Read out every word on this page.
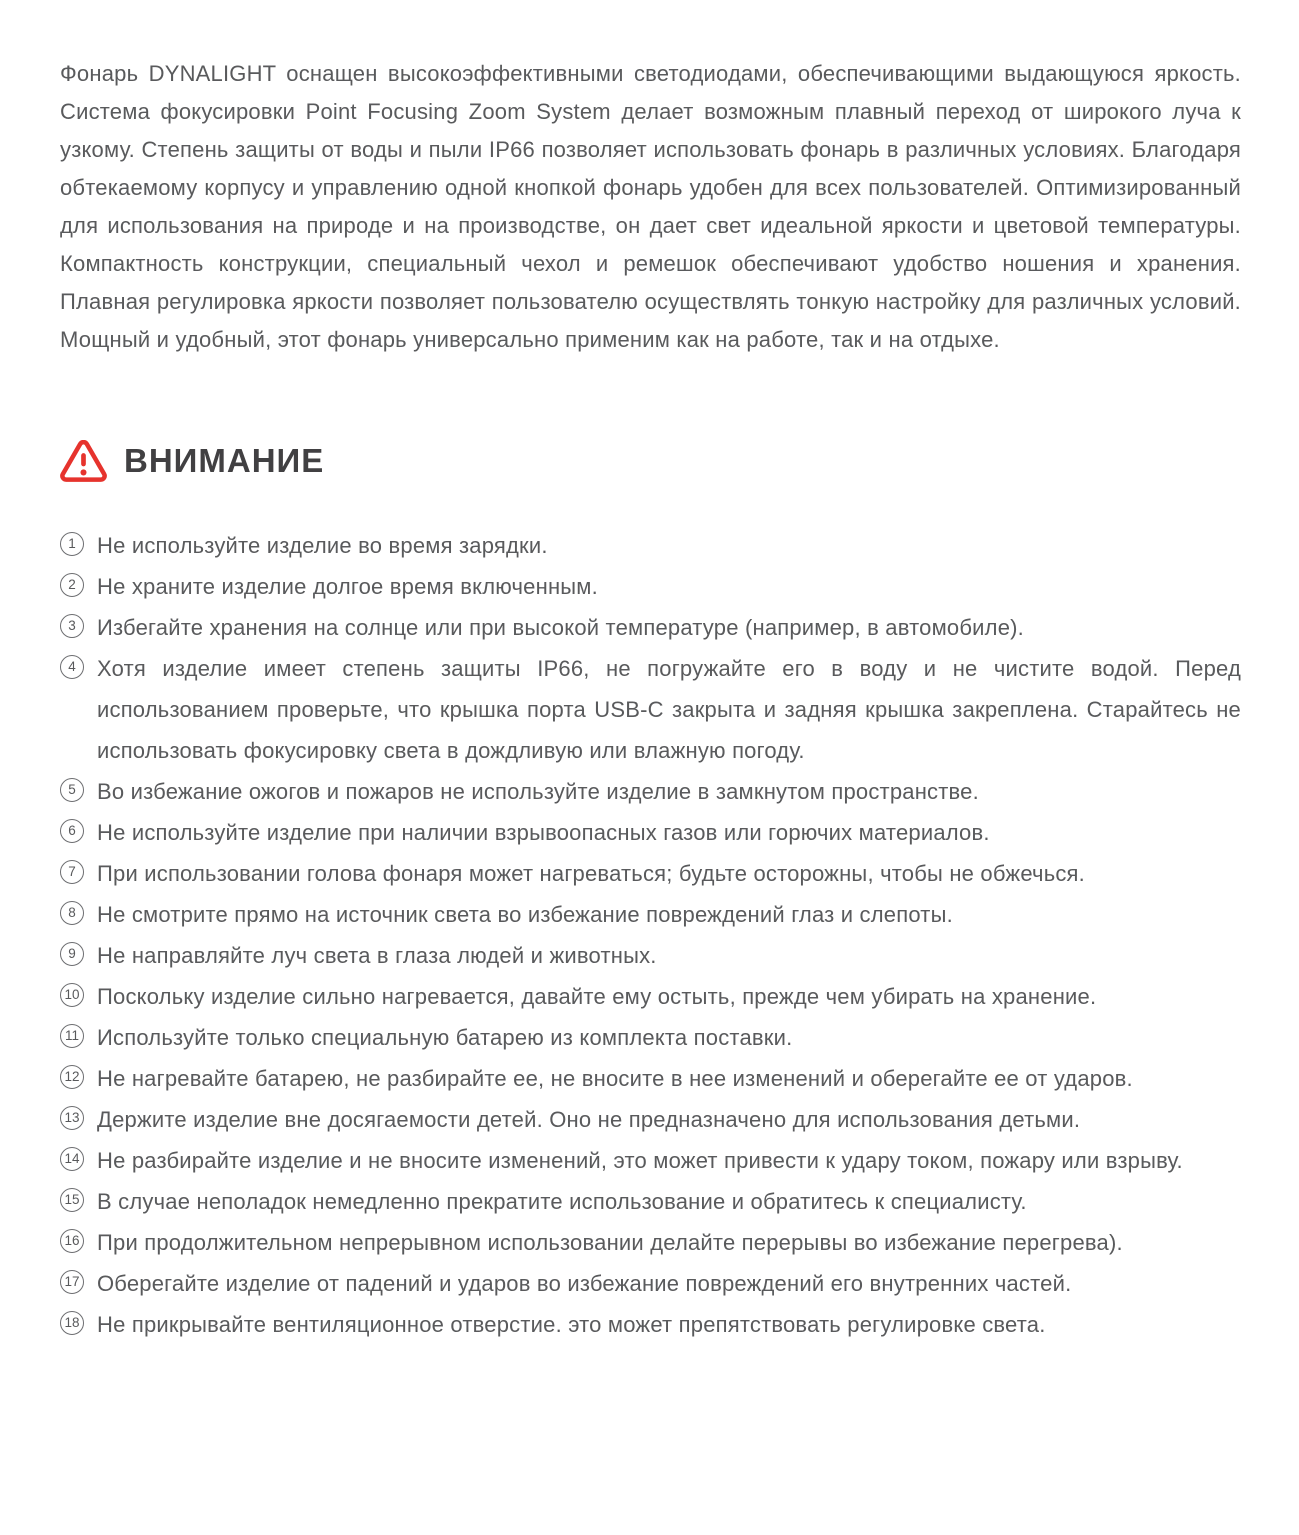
Фонарь DYNALIGHT оснащен высокоэффективными светодиодами, обеспечивающими выдающуюся яркость. Система фокусировки Point Focusing Zoom System делает возможным плавный переход от широкого луча к узкому. Степень защиты от воды и пыли IP66 позволяет использовать фонарь в различных условиях. Благодаря обтекаемому корпусу и управлению одной кнопкой фонарь удобен для всех пользователей. Оптимизированный для использования на природе и на производстве, он дает свет идеальной яркости и цветовой температуры. Компактность конструкции, специальный чехол и ремешок обеспечивают удобство ношения и хранения. Плавная регулировка яркости позволяет пользователю осуществлять тонкую настройку для различных условий. Мощный и удобный, этот фонарь универсально применим как на работе, так и на отдыхе.

ВНИМАНИЕ
1 Не используйте изделие во время зарядки.
2 Не храните изделие долгое время включенным.
3 Избегайте хранения на солнце или при высокой температуре (например, в автомобиле).
4 Хотя изделие имеет степень защиты IP66, не погружайте его в воду и не чистите водой. Перед использованием проверьте, что крышка порта USB-C закрыта и задняя крышка закреплена. Старайтесь не использовать фокусировку света в дождливую или влажную погоду.
5 Во избежание ожогов и пожаров не используйте изделие в замкнутом пространстве.
6 Не используйте изделие при наличии взрывоопасных газов или горючих материалов.
7 При использовании голова фонаря может нагреваться; будьте осторожны, чтобы не обжечься.
8 Не смотрите прямо на источник света во избежание повреждений глаз и слепоты.
9 Не направляйте луч света в глаза людей и животных.
10 Поскольку изделие сильно нагревается, давайте ему остыть, прежде чем убирать на хранение.
11 Используйте только специальную батарею из комплекта поставки.
12 Не нагревайте батарею, не разбирайте ее, не вносите в нее изменений и оберегайте ее от ударов.
13 Держите изделие вне досягаемости детей. Оно не предназначено для использования детьми.
14 Не разбирайте изделие и не вносите изменений, это может привести к удару током, пожару или взрыву.
15 В случае неполадок немедленно прекратите использование и обратитесь к специалисту.
16 При продолжительном непрерывном использовании делайте перерывы во избежание перегрева).
17 Оберегайте изделие от падений и ударов во избежание повреждений его внутренних частей.
18 Не прикрывайте вентиляционное отверстие. это может препятствовать регулировке света.
